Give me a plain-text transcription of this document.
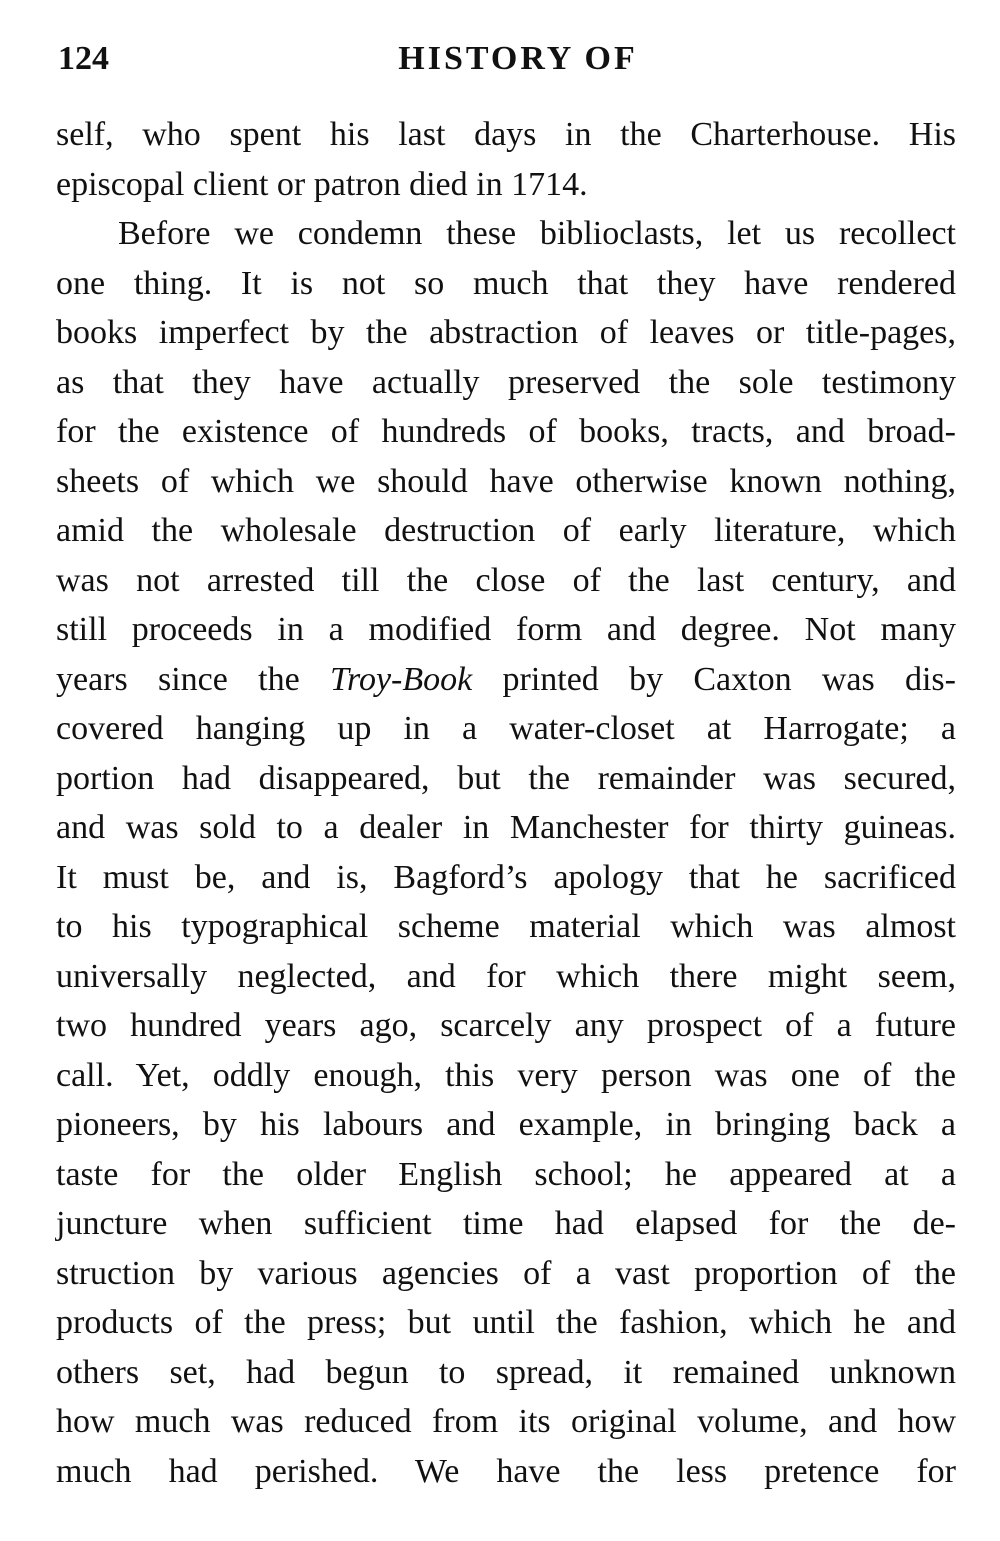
124	HISTORY OF
self, who spent his last days in the Charterhouse. His
episcopal client or patron died in 1714.
Before we condemn these biblioclasts, let us recollect
one thing. It is not so much that they have rendered
books imperfect by the abstraction of leaves or title-pages,
as that they have actually preserved the sole testimony
for the existence of hundreds of books, tracts, and broad-
sheets of which we should have otherwise known nothing,
amid the wholesale destruction of early literature, which
was not arrested till the close of the last century, and
still proceeds in a modified form and degree. Not many
years since the Troy-Book printed by Caxton was dis-
covered hanging up in a water-closet at Harrogate; a
portion had disappeared, but the remainder was secured,
and was sold to a dealer in Manchester for thirty guineas.
It must be, and is, Bagford’s apology that he sacrificed
to his typographical scheme material which was almost
universally neglected, and for which there might seem,
two hundred years ago, scarcely any prospect of a future
call. Yet, oddly enough, this very person was one of the
pioneers, by his labours and example, in bringing back a
taste for the older English school; he appeared at a
juncture when sufficient time had elapsed for the de-
struction by various agencies of a vast proportion of the
products of the press; but until the fashion, which he and
others set, had begun to spread, it remained unknown
how much was reduced from its original volume, and how
much had perished. We have the less pretence for
